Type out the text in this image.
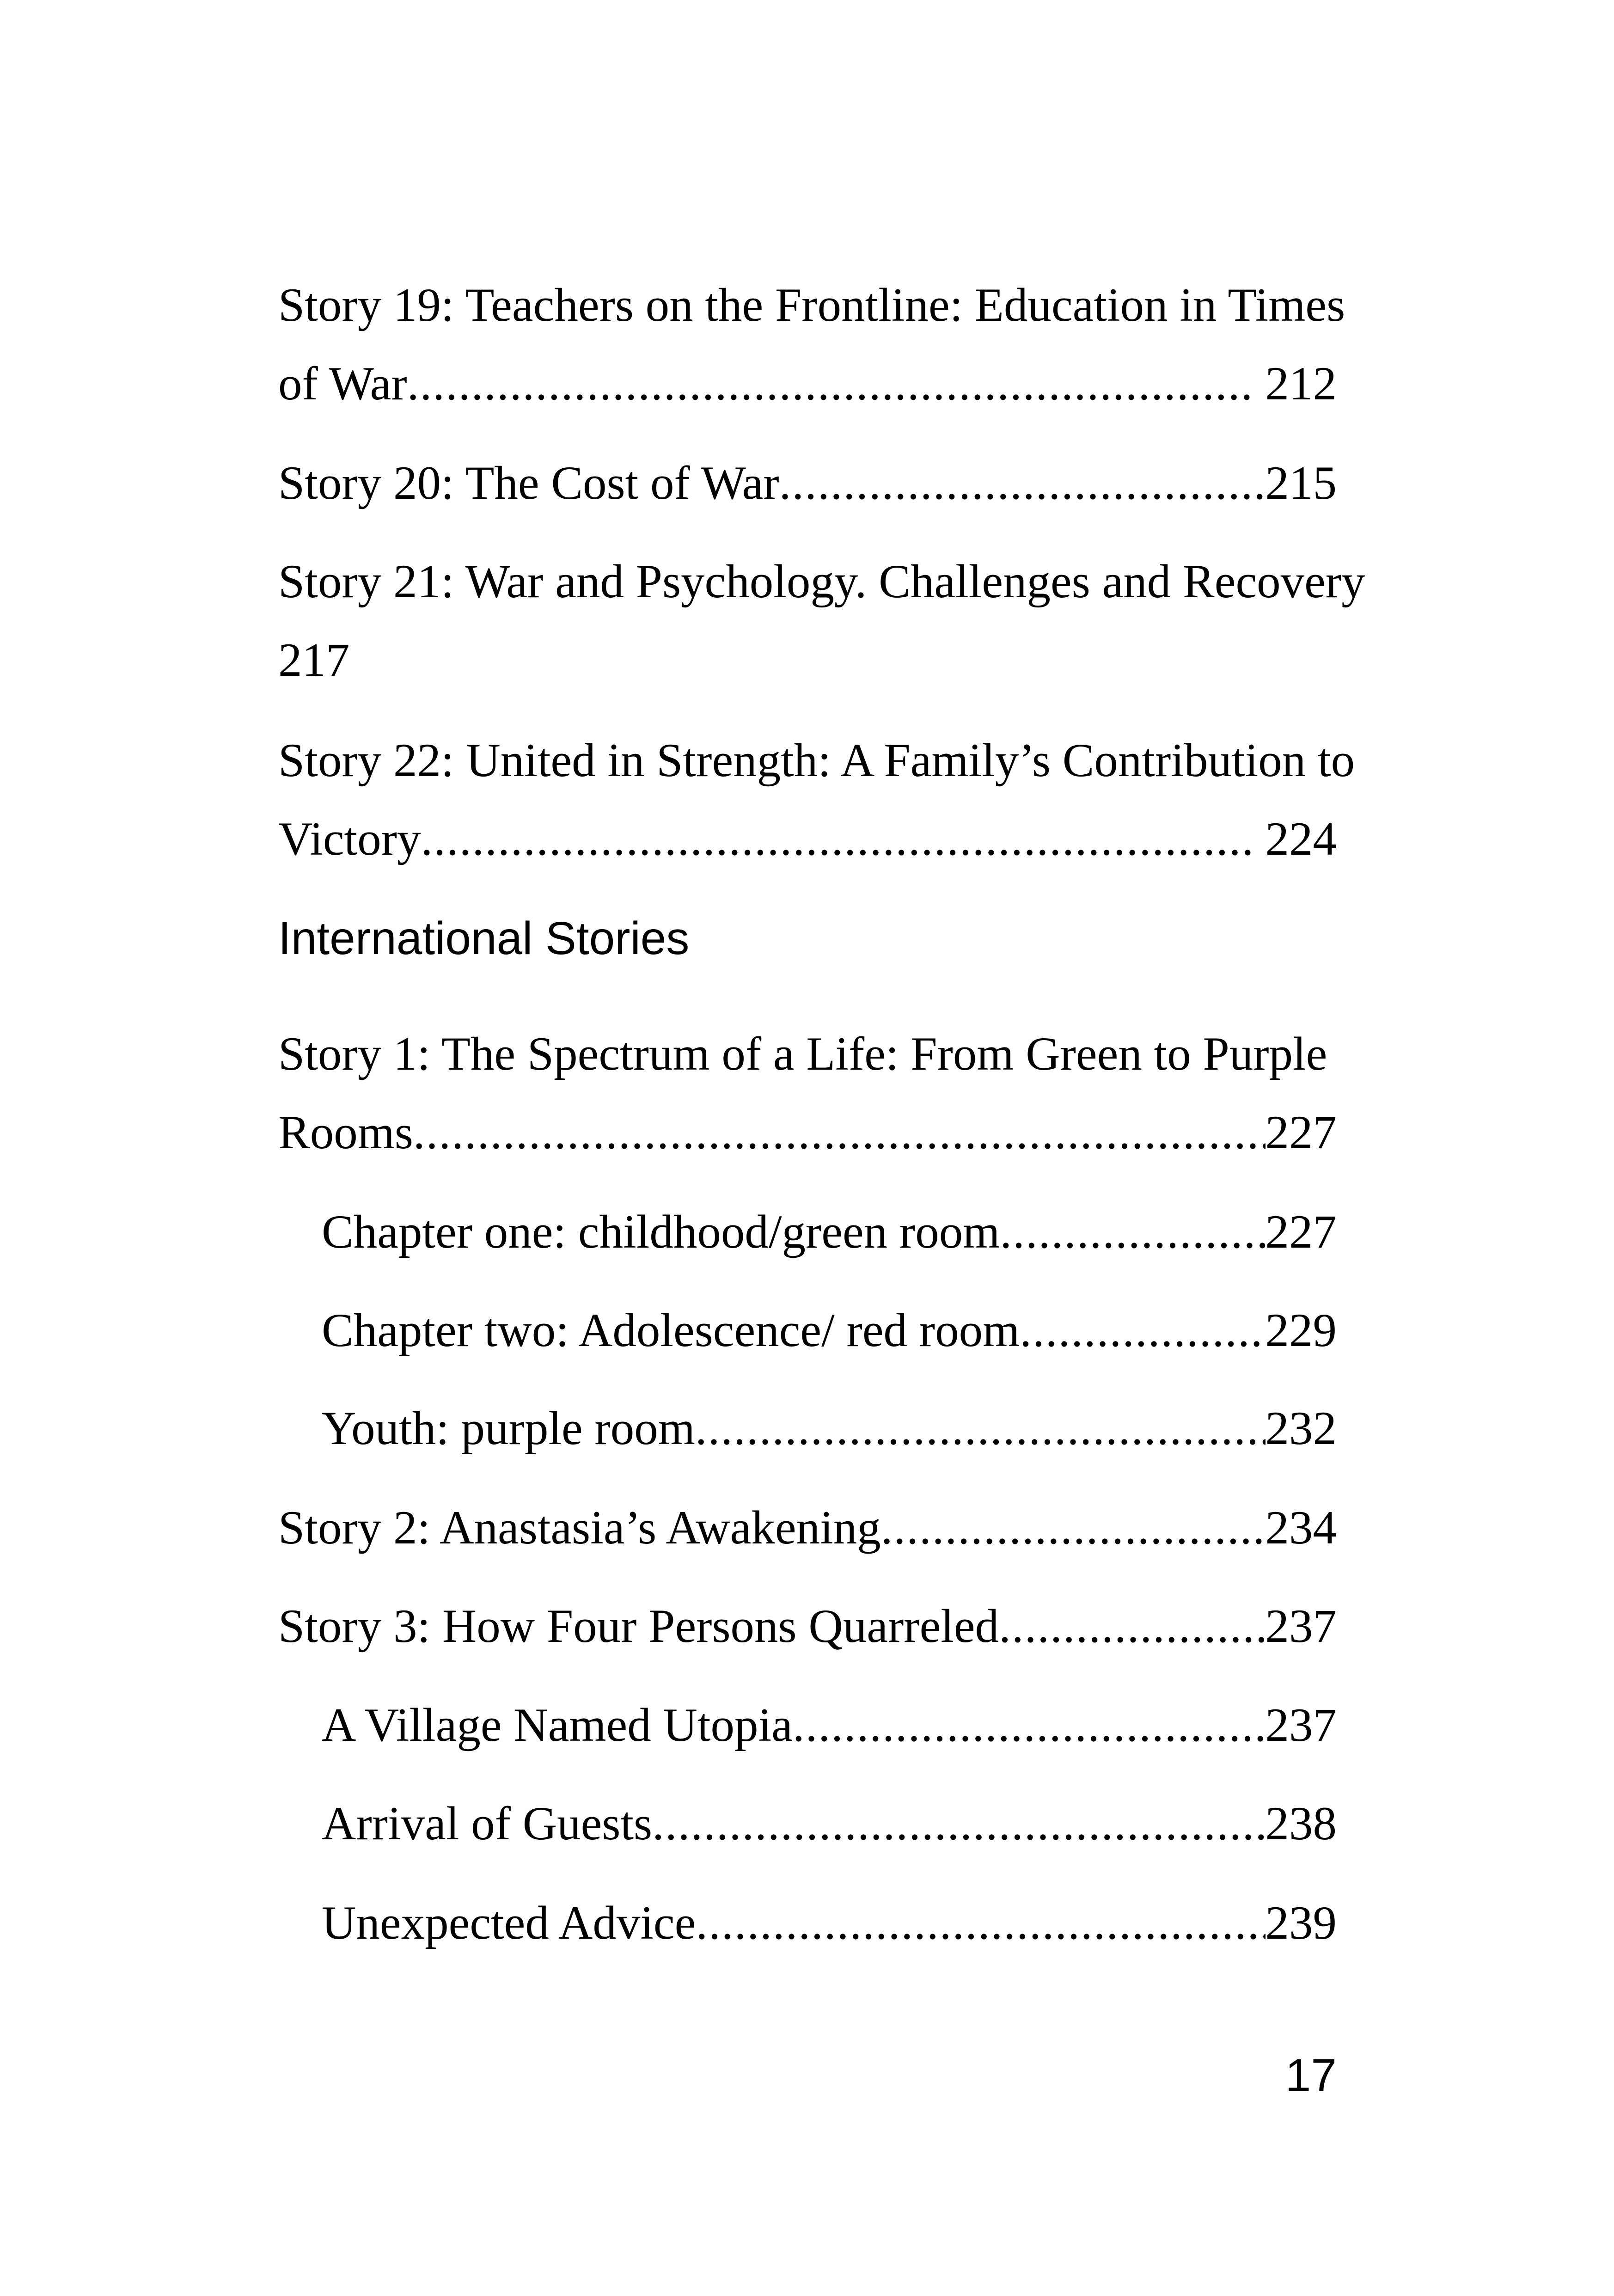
Story 19: Teachers on the Frontline: Education in Times
of War .....	212
Story 20: The Cost of War .....	215
Story 21: War and Psychology. Challenges and Recovery
217
Story 22: United in Strength: A Family’s Contribution to
Victory .....	224
International Stories
Story 1: The Spectrum of a Life: From Green to Purple
Rooms .....	227
Chapter one: childhood/green room .....	227
Chapter two: Adolescence/ red room .....	229
Youth: purple room .....	232
Story 2: Anastasia’s Awakening .....	234
Story 3: How Four Persons Quarreled .....	237
A Village Named Utopia .....	237
Arrival of Guests .....	238
Unexpected Advice .....	239
17
